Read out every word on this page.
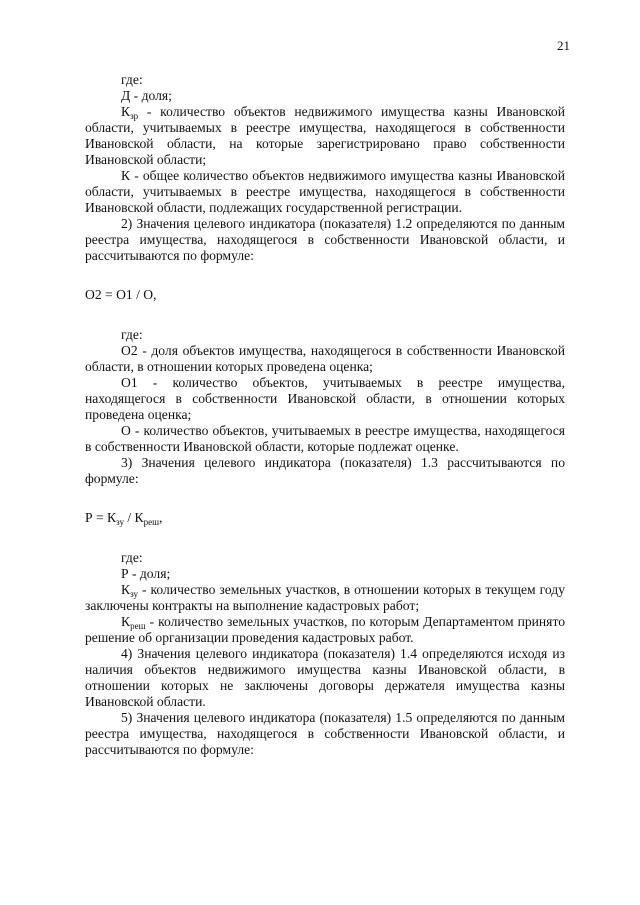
21

где:

Д - доля;

$К_{зр}$ - количество объектов недвижимого имущества казны Ивановской области, учитываемых в реестре имущества, находящегося в собственности Ивановской области, на которые зарегистрировано право собственности Ивановской области;

К - общее количество объектов недвижимого имущества казны Ивановской области, учитываемых в реестре имущества, находящегося в собственности Ивановской области, подлежащих государственной регистрации.

2) Значения целевого индикатора (показателя) 1.2 определяются по данным реестра имущества, находящегося в собственности Ивановской области, и рассчитываются по формуле:

О2 = О1 / О,

где:

О2 - доля объектов имущества, находящегося в собственности Ивановской области, в отношении которых проведена оценка;

О1 - количество объектов, учитываемых в реестре имущества, находящегося в собственности Ивановской области, в отношении которых проведена оценка;

О - количество объектов, учитываемых в реестре имущества, находящегося в собственности Ивановской области, которые подлежат оценке.

3) Значения целевого индикатора (показателя) 1.3 рассчитываются по формуле:

$Р = К_{зу} / К_{реш}$,

где:

Р - доля;

$К_{зу}$ - количество земельных участков, в отношении которых в текущем году заключены контракты на выполнение кадастровых работ;

$К_{реш}$ - количество земельных участков, по которым Департаментом принято решение об организации проведения кадастровых работ.

4) Значения целевого индикатора (показателя) 1.4 определяются исходя из наличия объектов недвижимого имущества казны Ивановской области, в отношении которых не заключены договоры держателя имущества казны Ивановской области.

5) Значения целевого индикатора (показателя) 1.5 определяются по данным реестра имущества, находящегося в собственности Ивановской области, и рассчитываются по формуле:
